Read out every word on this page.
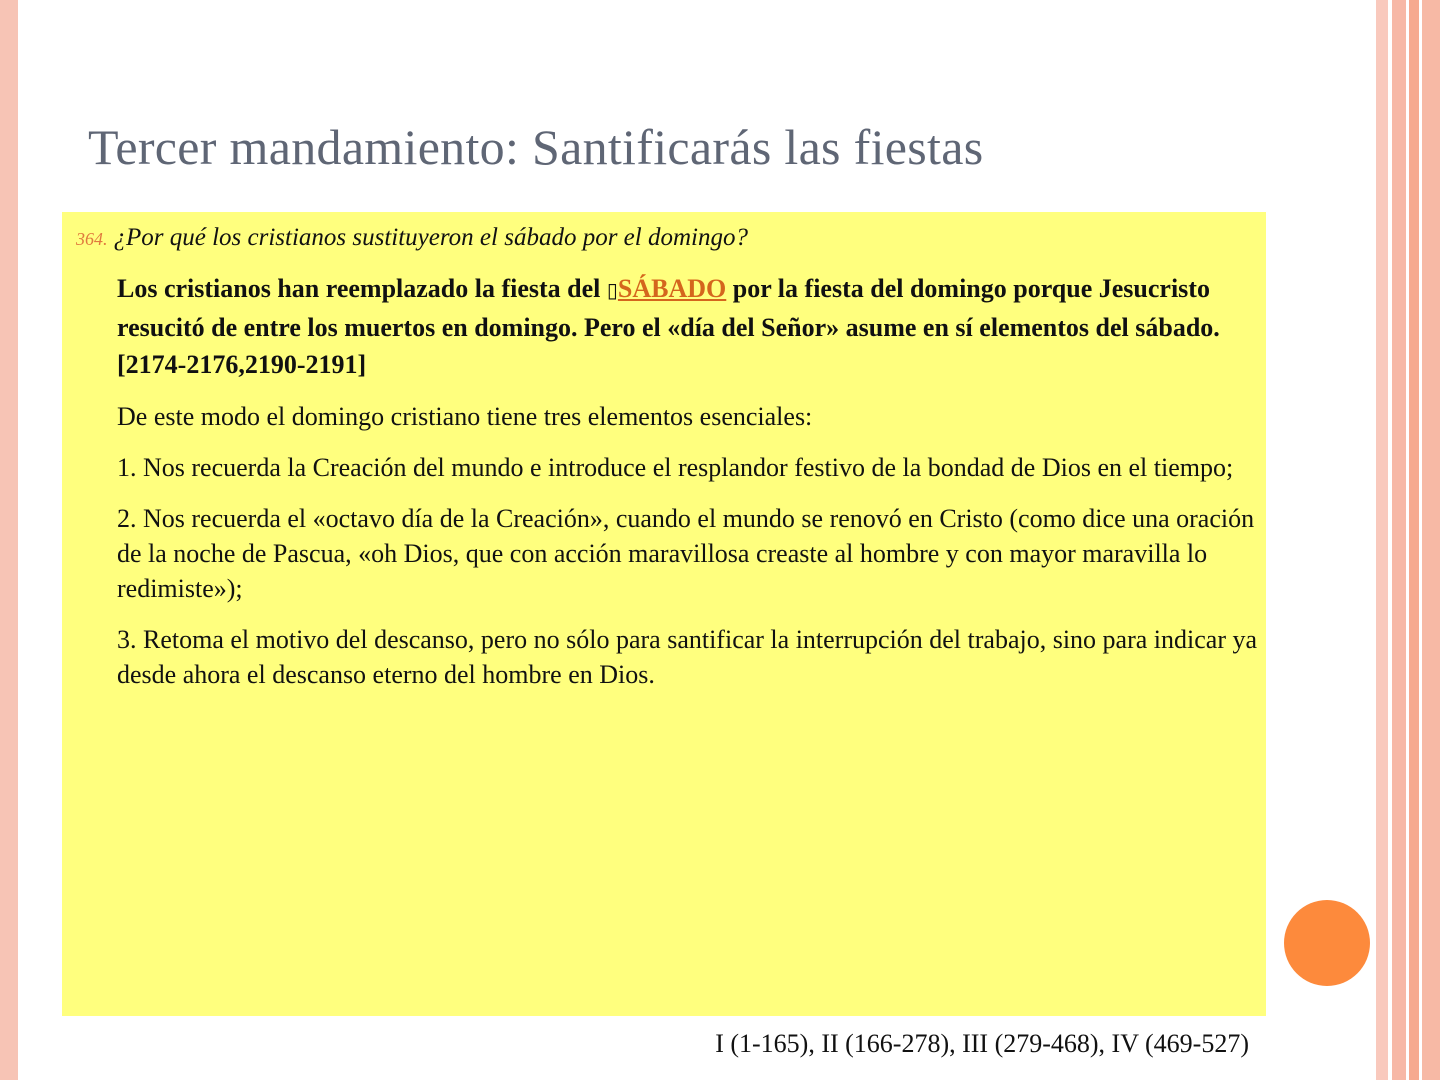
Tercer mandamiento: Santificarás las fiestas
364. ¿Por qué los cristianos sustituyeron el sábado por el domingo?

Los cristianos han reemplazado la fiesta del ▯SÁBADO por la fiesta del domingo porque Jesucristo resucitó de entre los muertos en domingo. Pero el «día del Señor» asume en sí elementos del sábado. [2174-2176,2190-2191]

De este modo el domingo cristiano tiene tres elementos esenciales:

1. Nos recuerda la Creación del mundo e introduce el resplandor festivo de la bondad de Dios en el tiempo;

2. Nos recuerda el «octavo día de la Creación», cuando el mundo se renovó en Cristo (como dice una oración de la noche de Pascua, «oh Dios, que con acción maravillosa creaste al hombre y con mayor maravilla lo redimiste»);

3. Retoma el motivo del descanso, pero no sólo para santificar la interrupción del trabajo, sino para indicar ya desde ahora el descanso eterno del hombre en Dios.

I (1-165), II (166-278), III (279-468), IV (469-527)
